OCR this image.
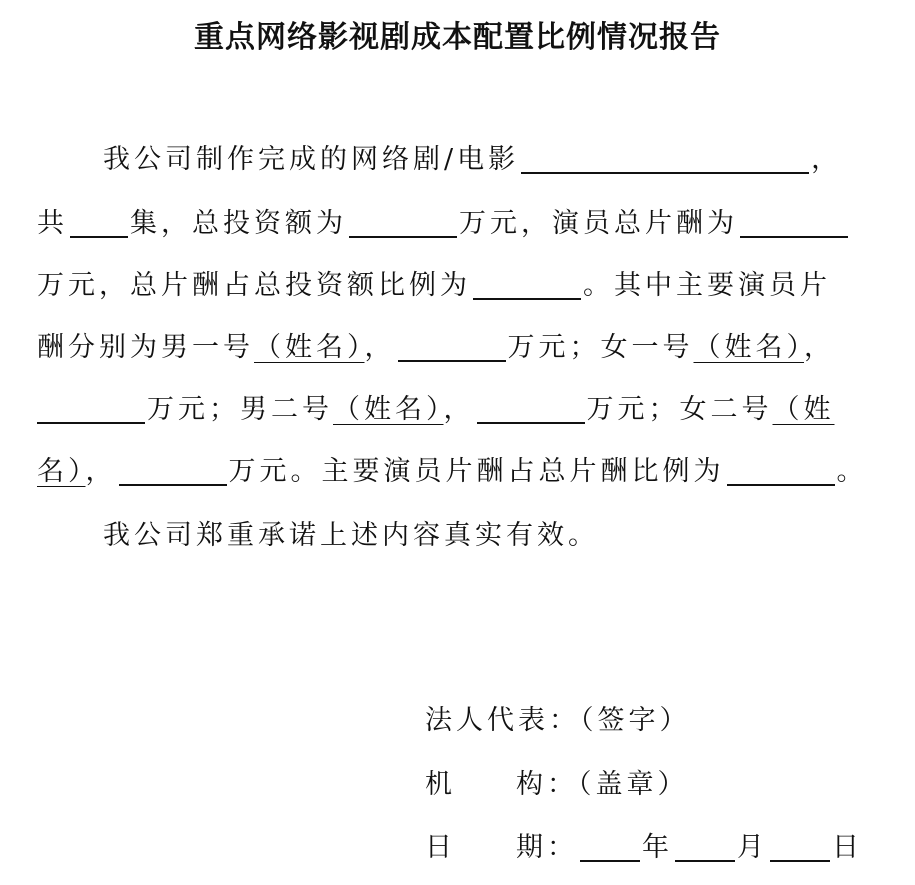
重点网络影视剧成本配置比例情况报告
我公司制作完成的网络剧/电影	，
共 集，总投资额为	万元，演员总片酬为
万元，总片酬占总投资额比例为	。其中主要演员片
酬分别为男一号（姓名），	万元；女一号（姓名），
万元；男二号（姓名），	万元；女二号（姓
名），	万元。主要演员片酬占总片酬比例为	。
我公司郑重承诺上述内容真实有效。
法人代表：（签字）
机 构：（盖章）
日 期： 年 月 日
